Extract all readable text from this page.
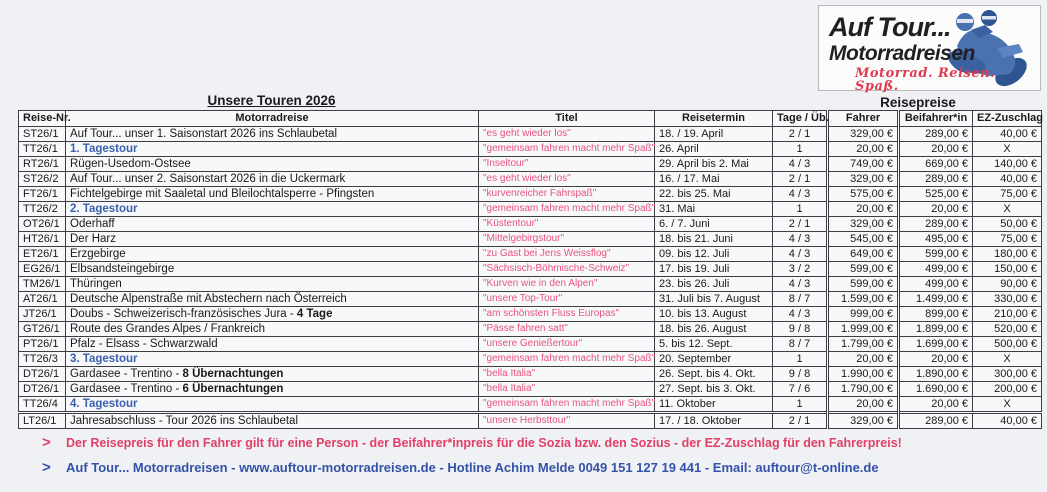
Auf Tour...
Motorradreisen
Motorrad. Reisen. Spaß.
Unsere Touren 2026	Reisepreise
Reise-Nr.	Motorradreise	Titel	Reisetermin	Tage / Üb.	Fahrer	Beifahrer*in	EZ-Zuschlag
ST26/1	Auf Tour... unser 1. Saisonstart 2026 ins Schlaubetal	"es geht wieder los"	18. / 19. April	2 / 1	329,00 €	289,00 €	40,00 €
TT26/1	1. Tagestour	"gemeinsam fahren macht mehr Spaß"	26. April	1	20,00 €	20,00 €	X
RT26/1	Rügen-Usedom-Ostsee	"Inseltour"	29. April bis 2. Mai	4 / 3	749,00 €	669,00 €	140,00 €
ST26/2	Auf Tour... unser 2. Saisonstart 2026 in die Uckermark	"es geht wieder los"	16. / 17. Mai	2 / 1	329,00 €	289,00 €	40,00 €
FT26/1	Fichtelgebirge mit Saaletal und Bleilochtalsperre - Pfingsten	"kurvenreicher Fahrspaß"	22. bis 25. Mai	4 / 3	575,00 €	525,00 €	75,00 €
TT26/2	2. Tagestour	"gemeinsam fahren macht mehr Spaß"	31. Mai	1	20,00 €	20,00 €	X
OT26/1	Oderhaff	"Küstentour"	6. / 7. Juni	2 / 1	329,00 €	289,00 €	50,00 €
HT26/1	Der Harz	"Mittelgebirgstour"	18. bis 21. Juni	4 / 3	545,00 €	495,00 €	75,00 €
ET26/1	Erzgebirge	"zu Gast bei Jens Weissflog"	09. bis 12. Juli	4 / 3	649,00 €	599,00 €	180,00 €
EG26/1	Elbsandsteingebirge	"Sächsisch-Böhmische-Schweiz"	17. bis 19. Juli	3 / 2	599,00 €	499,00 €	150,00 €
TM26/1	Thüringen	"Kurven wie in den Alpen"	23. bis 26. Juli	4 / 3	599,00 €	499,00 €	90,00 €
AT26/1	Deutsche Alpenstraße mit Abstechern nach Österreich	"unsere Top-Tour"	31. Juli bis 7. August	8 / 7	1.599,00 €	1.499,00 €	330,00 €
JT26/1	Doubs - Schweizerisch-französisches Jura - 4 Tage	"am schönsten Fluss Europas"	10. bis 13. August	4 / 3	999,00 €	899,00 €	210,00 €
GT26/1	Route des Grandes Alpes / Frankreich	"Pässe fahren satt"	18. bis 26. August	9 / 8	1.999,00 €	1.899,00 €	520,00 €
PT26/1	Pfalz - Elsass - Schwarzwald	"unsere Genießertour"	5. bis 12. Sept.	8 / 7	1.799,00 €	1.699,00 €	500,00 €
TT26/3	3. Tagestour	"gemeinsam fahren macht mehr Spaß"	20. September	1	20,00 €	20,00 €	X
DT26/1	Gardasee - Trentino - 8 Übernachtungen	"bella Italia"	26. Sept. bis 4. Okt.	9 / 8	1.990,00 €	1.890,00 €	300,00 €
DT26/1	Gardasee - Trentino - 6 Übernachtungen	"bella Italia"	27. Sept. bis 3. Okt.	7 / 6	1.790,00 €	1.690,00 €	200,00 €
TT26/4	4. Tagestour	"gemeinsam fahren macht mehr Spaß"	11. Oktober	1	20,00 €	20,00 €	X
LT26/1	Jahresabschluss - Tour 2026 ins Schlaubetal	"unsere Herbsttour"	17. / 18. Oktober	2 / 1	329,00 €	289,00 €	40,00 €
> Der Reisepreis für den Fahrer gilt für eine Person - der Beifahrer*inpreis für die Sozia bzw. den Sozius - der EZ-Zuschlag für den Fahrerpreis!
> Auf Tour... Motorradreisen - www.auftour-motorradreisen.de - Hotline Achim Melde 0049 151 127 19 441 - Email: auftour@t-online.de
